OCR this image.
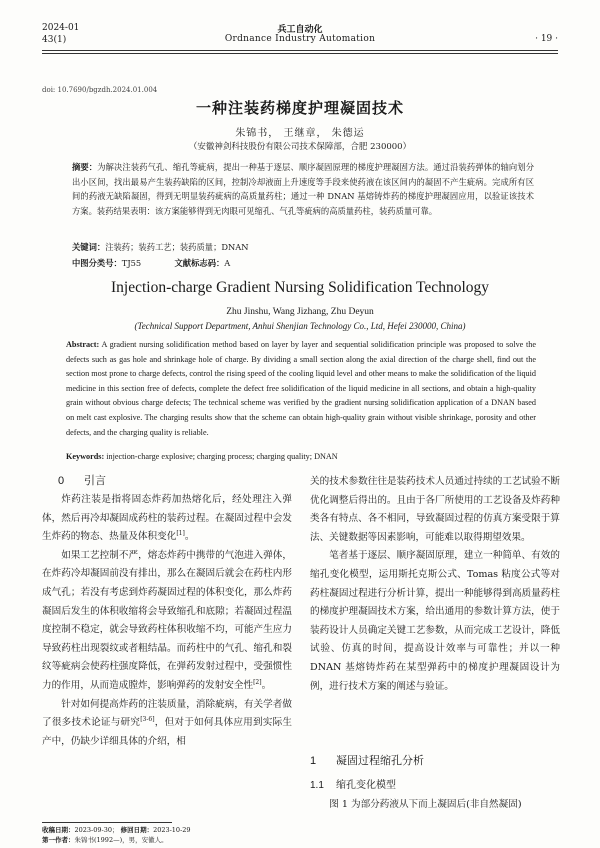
2024-01
43(1)
兵工自动化
Ordnance Industry Automation	· 19 ·
doi: 10.7690/bgzdh.2024.01.004
一种注装药梯度护理凝固技术
朱锦书， 王继章， 朱德运
（安徽神剑科技股份有限公司技术保障部，合肥 230000）
摘要：为解决注装药气孔、缩孔等疵病，提出一种基于逐层、顺序凝固原理的梯度护理凝固方法。通过沿装药弹体的轴向划分出小区间，找出最易产生装药缺陷的区间，控制冷却液面上升速度等手段来使药液在该区间内的凝固不产生疵病。完成所有区间的药液无缺陷凝固，得到无明显装药疵病的高质量药柱；通过一种 DNAN 基熔铸炸药的梯度护理凝固应用，以验证该技术方案。装药结果表明：该方案能够得到无肉眼可见缩孔、气孔等疵病的高质量药柱，装药质量可靠。
关键词：注装药；装药工艺；装药质量；DNAN
中图分类号：TJ55	文献标志码：A
Injection-charge Gradient Nursing Solidification Technology
Zhu Jinshu, Wang Jizhang, Zhu Deyun
(Technical Support Department, Anhui Shenjian Technology Co., Ltd, Hefei 230000, China)
Abstract: A gradient nursing solidification method based on layer by layer and sequential solidification principle was proposed to solve the defects such as gas hole and shrinkage hole of charge. By dividing a small section along the axial direction of the charge shell, find out the section most prone to charge defects, control the rising speed of the cooling liquid level and other means to make the solidification of the liquid medicine in this section free of defects, complete the defect free solidification of the liquid medicine in all sections, and obtain a high-quality grain without obvious charge defects; The technical scheme was verified by the gradient nursing solidification application of a DNAN based on melt cast explosive. The charging results show that the scheme can obtain high-quality grain without visible shrinkage, porosity and other defects, and the charging quality is reliable.
Keywords: injection-charge explosive; charging process; charging quality; DNAN
0 引言

炸药注装是指将固态炸药加热熔化后，经处理注入弹体，然后再冷却凝固成药柱的装药过程。在凝固过程中会发生炸药的物态、热量及体积变化[1]。

如果工艺控制不严，熔态炸药中携带的气泡进入弹体，在炸药冷却凝固前没有排出，那么在凝固后就会在药柱内形成气孔；若没有考虑到炸药凝固过程的体积变化，那么炸药凝固后发生的体积收缩将会导致缩孔和底隙；若凝固过程温度控制不稳定，就会导致药柱体积收缩不均，可能产生应力导致药柱出现裂纹或者粗结晶。而药柱中的气孔、缩孔和裂纹等疵病会使药柱强度降低，在弹药发射过程中，受强惯性力的作用，从而造成膛炸，影响弹药的发射安全性[2]。

针对如何提高炸药的注装质量，消除疵病，有关学者做了很多技术论证与研究[3-6]，但对于如何具体应用到实际生产中，仍缺少详细具体的介绍，相

关的技术参数往往是装药技术人员通过持续的工艺试验不断优化调整后得出的。且由于各厂所使用的工艺设备及炸药种类各有特点、各不相同，导致凝固过程的仿真方案受限于算法、关键数据等因素影响，可能难以取得期望效果。

笔者基于逐层、顺序凝固原理，建立一种简单、有效的缩孔变化模型，运用斯托克斯公式、Tomas 粘度公式等对药柱凝固过程进行分析计算，提出一种能够得到高质量药柱的梯度护理凝固技术方案，给出通用的参数计算方法，使于装药设计人员确定关键工艺参数，从而完成工艺设计，降低试验、仿真的时间，提高设计效率与可靠性；并以一种 DNAN 基熔铸炸药在某型弹药中的梯度护理凝固设计为例，进行技术方案的阐述与验证。

1 凝固过程缩孔分析
1.1 缩孔变化模型

图 1 为部分药液从下而上凝固后(非自然凝固)

收稿日期：2023-09-30； 修回日期：2023-10-29
第一作者：朱锦书(1992—)，男，安徽人。
